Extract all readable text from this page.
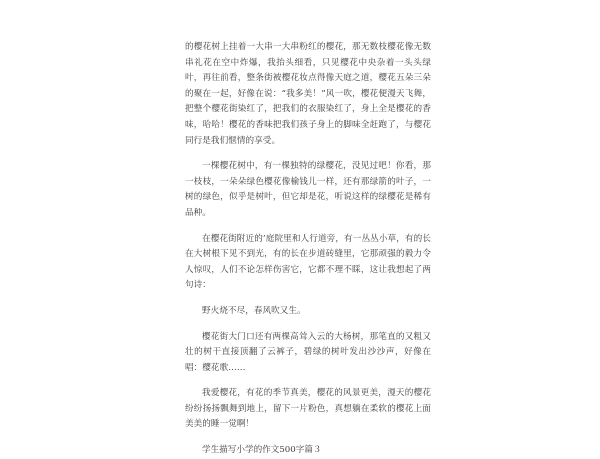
的樱花树上挂着一大串一大串粉红的樱花，那无数枝樱花像无数串礼花在空中炸爆，我抬头细看，只见樱花中央杂着一头头绿叶，再往前看，整条街被樱花妆点得像天庭之道，樱花五朵三朵的聚在一起，好像在说：“我多美！”风一吹，樱花便漫天飞舞，把整个樱花街染红了，把我们的衣服染红了，身上全是樱花的香味，哈哈！樱花的香味把我们孩子身上的脚味全赶跑了，与樱花同行是我们惬情的享受。

一棵樱花树中，有一棵独特的绿樱花，没见过吧！你看，那一枝枝，一朵朵绿色樱花像榆钱儿一样，还有那绿箭的叶子，一树的绿色，似乎是树叶，但它却是花，听说这样的绿樱花是稀有品种。

在樱花街附近的’庭院里和人行道旁，有一丛丛小草，有的长在大树根下见不到光，有的长在步道砖缝里，它那顽强的毅力令人惊叹，人们不论怎样伤害它，它都不理不睬，这让我想起了两句诗：

野火烧不尽，春风吹又生。

樱花街大门口还有两棵高耸入云的大杨树，那笔直的又粗又壮的树干直接顶翻了云裤子，碧绿的树叶发出沙沙声，好像在唱：樱花歌……

我爱樱花，有花的季节真美，樱花的风景更美，漫天的樱花纷纷扬扬飘舞到地上，留下一片粉色，真想躺在柔软的樱花上面美美的睡一觉啊！

学生描写小学的作文500字篇３
